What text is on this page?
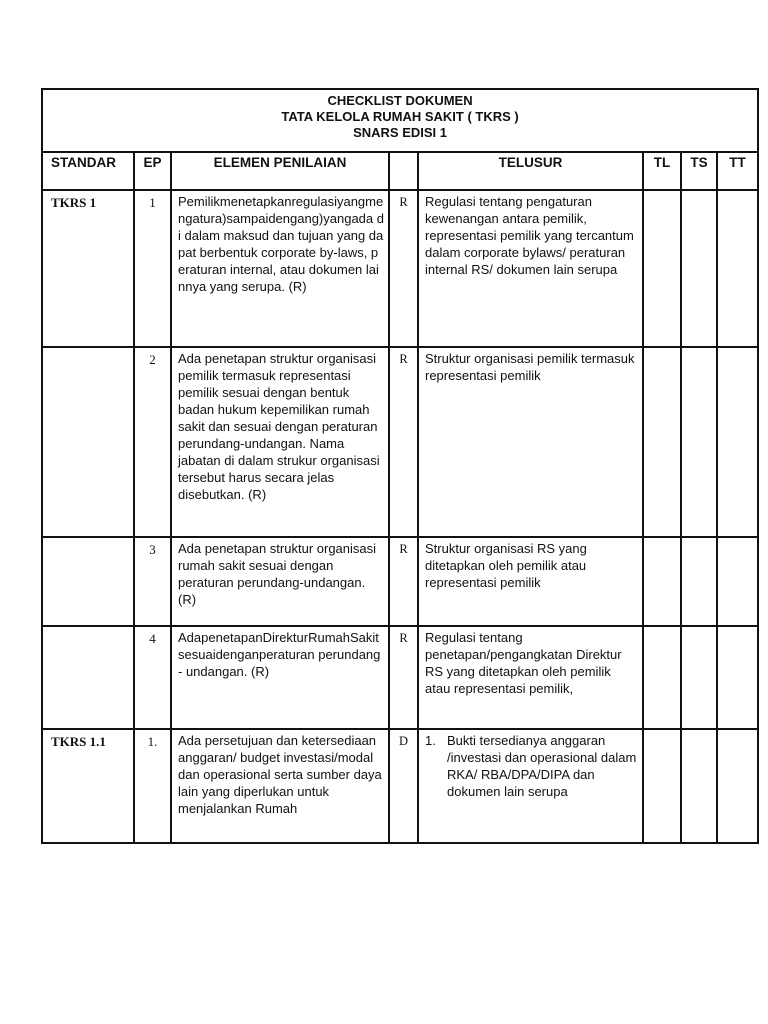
CHECKLIST DOKUMEN
TATA KELOLA RUMAH SAKIT ( TKRS )
SNARS EDISI 1							

STANDAR	EP	ELEMEN PENILAIAN		TELUSUR	TL	TS	TT
TKRS 1	1	Pemilikmenetapkanregulasiyangmengatura)sampaidengang)yangada di dalam maksud dan tujuan yang dapat berbentuk corporate by-laws, peraturan internal, atau dokumen lainnya yang serupa. (R)	R	Regulasi tentang pengaturan kewenangan antara pemilik, representasi pemilik yang tercantum dalam corporate bylaws/ peraturan internal RS/ dokumen lain serupa			
	2	Ada penetapan struktur organisasi pemilik termasuk representasi pemilik sesuai dengan bentuk badan hukum kepemilikan rumah sakit dan sesuai dengan peraturan perundang-undangan. Nama jabatan di dalam strukur organisasi tersebut harus secara jelas disebutkan. (R)	R	Struktur organisasi pemilik termasuk representasi pemilik			
	3	Ada penetapan struktur organisasi rumah sakit sesuai dengan peraturan perundang-undangan. (R)	R	Struktur organisasi RS yang ditetapkan oleh pemilik atau representasi pemilik			
	4	AdapenetapanDirekturRumahSakitsesuaidenganperaturan perundang- undangan. (R)	R	Regulasi tentang penetapan/pengangkatan Direktur RS yang ditetapkan oleh pemilik atau representasi pemilik,			
TKRS 1.1	1.	Ada persetujuan dan ketersediaan anggaran/ budget investasi/modal dan operasional serta sumber daya lain yang diperlukan untuk menjalankan Rumah	D	1. Bukti tersedianya anggaran /investasi dan operasional dalam RKA/ RBA/DPA/DIPA dan dokumen lain serupa			
